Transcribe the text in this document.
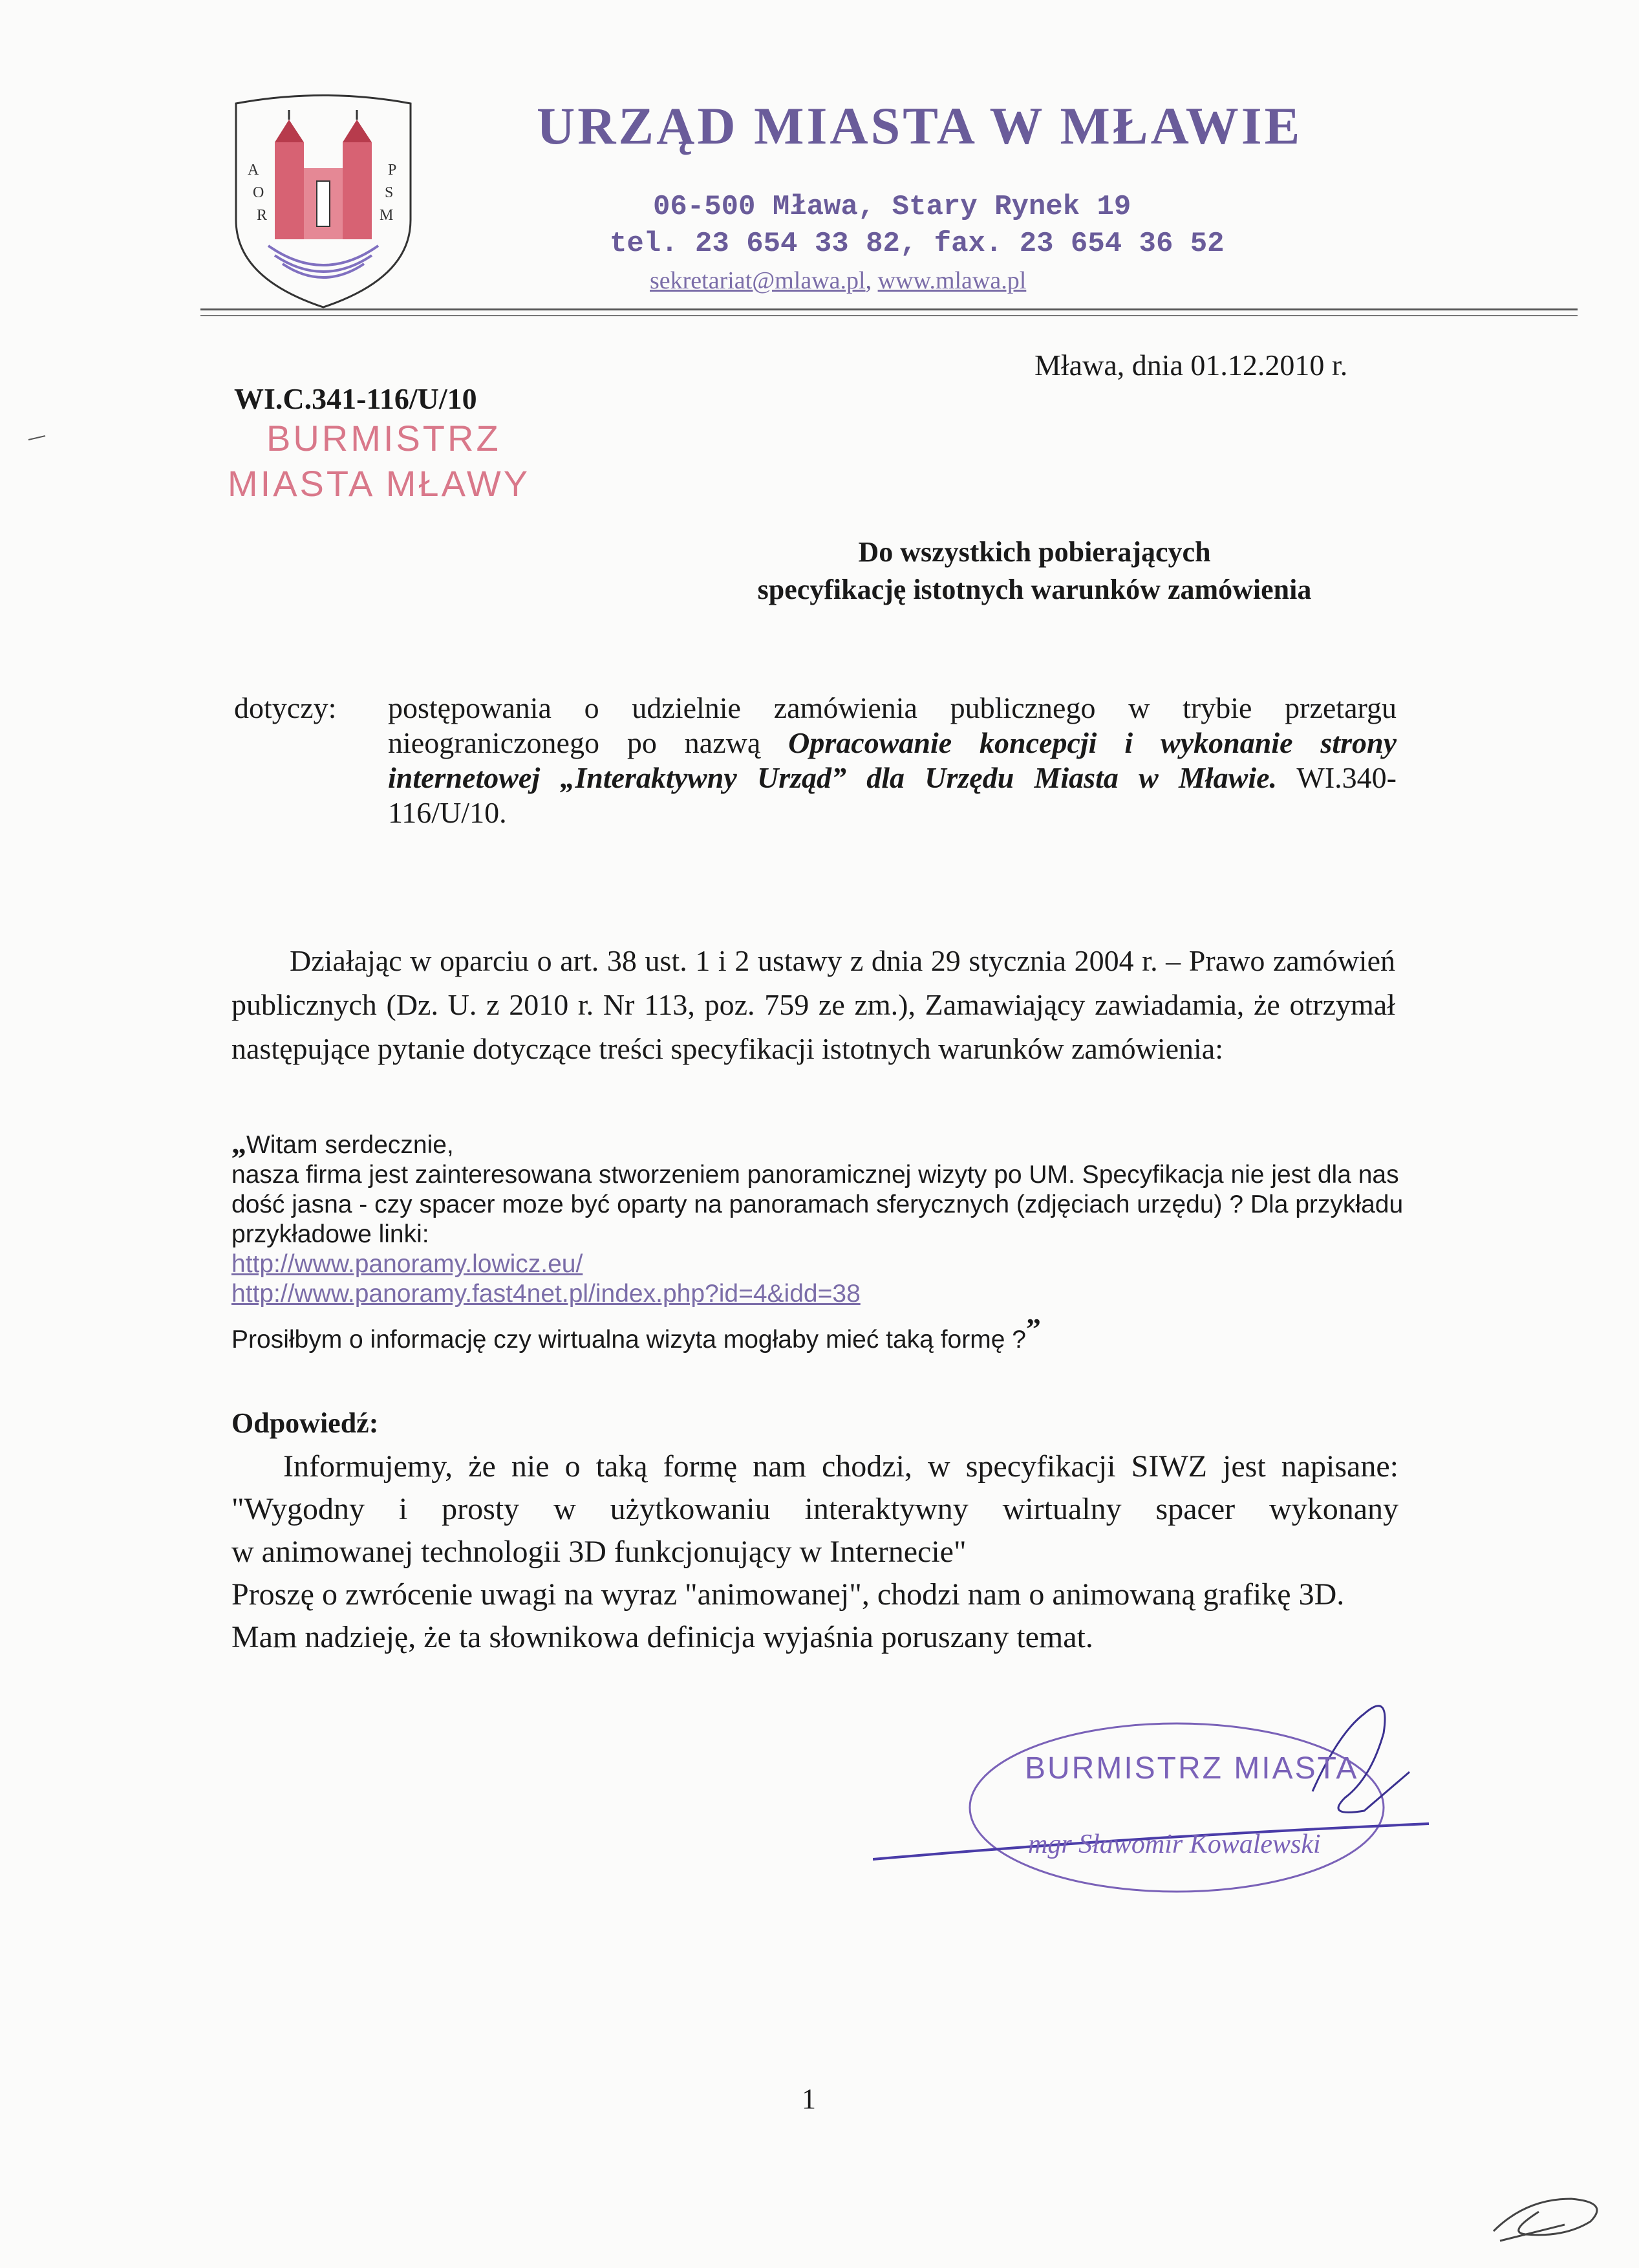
A
O
R
P
S
M
URZĄD MIASTA W MŁAWIE
06-500 Mława, Stary Rynek 19
tel. 23 654 33 82, fax. 23 654 36 52
sekretariat@mlawa.pl, www.mlawa.pl
Mława, dnia 01.12.2010 r.
WI.C.341-116/U/10
BURMISTRZ
MIASTA MŁAWY
Do wszystkich pobierających
specyfikację istotnych warunków zamówienia
dotyczy: postępowania o udzielnie zamówienia publicznego w trybie przetargu nieograniczonego po nazwą Opracowanie koncepcji i wykonanie strony internetowej „Interaktywny Urząd” dla Urzędu Miasta w Mławie. WI.340-116/U/10.
Działając w oparciu o art. 38 ust. 1 i 2 ustawy z dnia 29 stycznia 2004 r. – Prawo zamówień publicznych (Dz. U. z 2010 r. Nr 113, poz. 759 ze zm.), Zamawiający zawiadamia, że otrzymał następujące pytanie dotyczące treści specyfikacji istotnych warunków zamówienia:
„Witam serdecznie,
nasza firma jest zainteresowana stworzeniem panoramicznej wizyty po UM. Specyfikacja nie jest dla nas dość jasna - czy spacer moze być oparty na panoramach sferycznych (zdjęciach urzędu) ? Dla przykładu przykładowe linki:
http://www.panoramy.lowicz.eu/
http://www.panoramy.fast4net.pl/index.php?id=4&idd=38
Prosiłbym o informację czy wirtualna wizyta mogłaby mieć taką formę ?”
Odpowiedź:
Informujemy, że nie o taką formę nam chodzi, w specyfikacji SIWZ jest napisane:
"Wygodny i prosty w użytkowaniu interaktywny wirtualny spacer wykonany
w animowanej technologii 3D funkcjonujący w Internecie"
Proszę o zwrócenie uwagi na wyraz "animowanej", chodzi nam o animowaną grafikę 3D.
Mam nadzieję, że ta słownikowa definicja wyjaśnia poruszany temat.
BURMISTRZ MIASTA
mgr Sławomir Kowalewski
1
